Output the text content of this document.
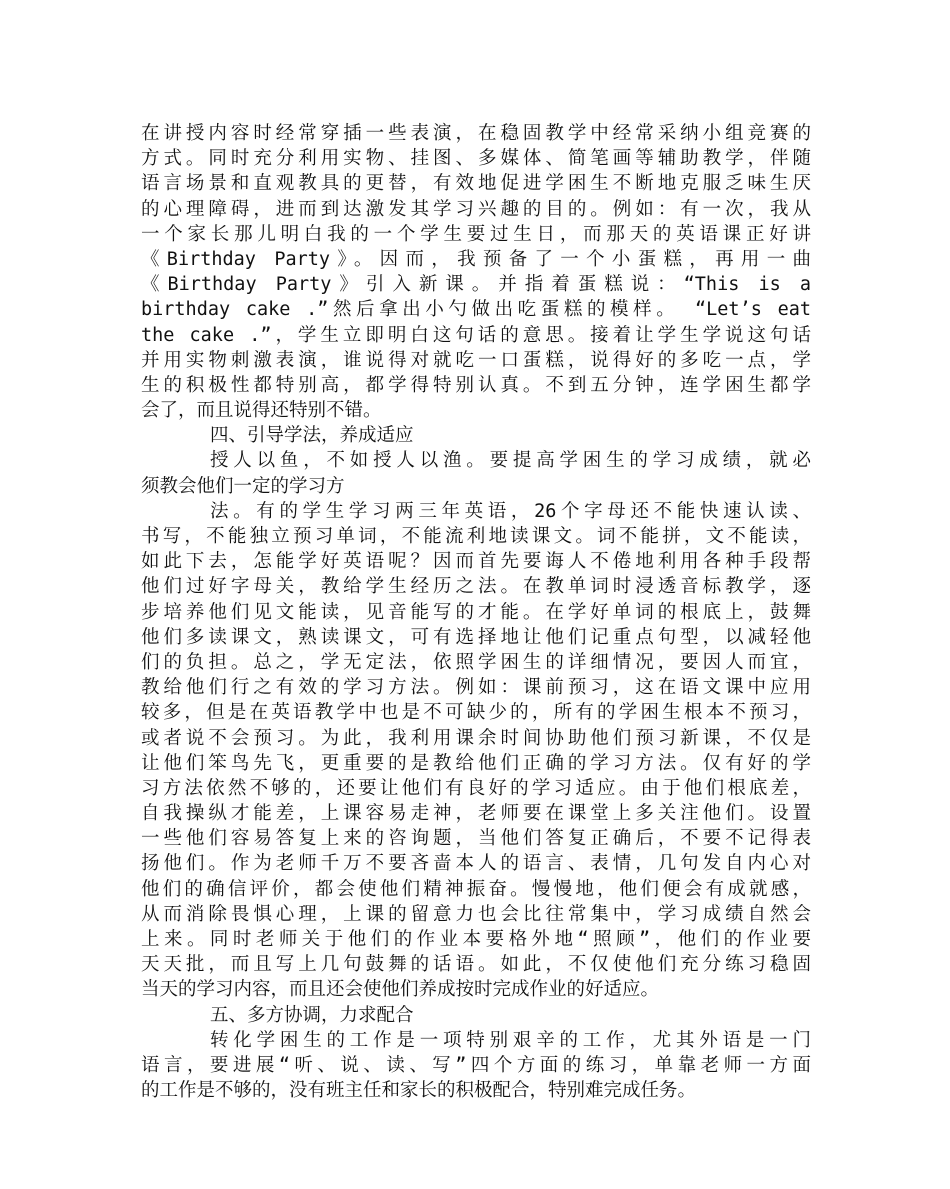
在讲授内容时经常穿插一些表演，在稳固教学中经常采纳小组竞赛的
方式。同时充分利用实物、挂图、多媒体、简笔画等辅助教学，伴随
语言场景和直观教具的更替，有效地促进学困生不断地克服乏味生厌
的心理障碍，进而到达激发其学习兴趣的目的。例如：有一次，我从
一个家长那儿明白我的一个学生要过生日，而那天的英语课正好讲
《Birthday Party》。因而，我预备了一个小蛋糕，再用一曲
《Birthday Party》引入新课。并指着蛋糕说：“This is a
birthday cake .”然后拿出小勺做出吃蛋糕的模样。 “Let’s eat
the cake .”，学生立即明白这句话的意思。接着让学生学说这句话
并用实物刺激表演，谁说得对就吃一口蛋糕，说得好的多吃一点，学
生的积极性都特别高，都学得特别认真。不到五分钟，连学困生都学
会了，而且说得还特别不错。
四、引导学法，养成适应
授人以鱼，不如授人以渔。要提高学困生的学习成绩，就必
须教会他们一定的学习方
法。有的学生学习两三年英语，26个字母还不能快速认读、
书写，不能独立预习单词，不能流利地读课文。词不能拼，文不能读，
如此下去，怎能学好英语呢？因而首先要诲人不倦地利用各种手段帮
他们过好字母关，教给学生经历之法。在教单词时浸透音标教学，逐
步培养他们见文能读，见音能写的才能。在学好单词的根底上，鼓舞
他们多读课文，熟读课文，可有选择地让他们记重点句型，以减轻他
们的负担。总之，学无定法，依照学困生的详细情况，要因人而宜，
教给他们行之有效的学习方法。例如：课前预习，这在语文课中应用
较多，但是在英语教学中也是不可缺少的，所有的学困生根本不预习，
或者说不会预习。为此，我利用课余时间协助他们预习新课，不仅是
让他们笨鸟先飞，更重要的是教给他们正确的学习方法。仅有好的学
习方法依然不够的，还要让他们有良好的学习适应。由于他们根底差，
自我操纵才能差，上课容易走神，老师要在课堂上多关注他们。设置
一些他们容易答复上来的咨询题，当他们答复正确后，不要不记得表
扬他们。作为老师千万不要吝啬本人的语言、表情，几句发自内心对
他们的确信评价，都会使他们精神振奋。慢慢地，他们便会有成就感，
从而消除畏惧心理，上课的留意力也会比往常集中，学习成绩自然会
上来。同时老师关于他们的作业本要格外地“照顾”，他们的作业要
天天批，而且写上几句鼓舞的话语。如此，不仅使他们充分练习稳固
当天的学习内容，而且还会使他们养成按时完成作业的好适应。
五、多方协调，力求配合
转化学困生的工作是一项特别艰辛的工作，尤其外语是一门
语言，要进展“听、说、读、写”四个方面的练习，单靠老师一方面
的工作是不够的，没有班主任和家长的积极配合，特别难完成任务。
